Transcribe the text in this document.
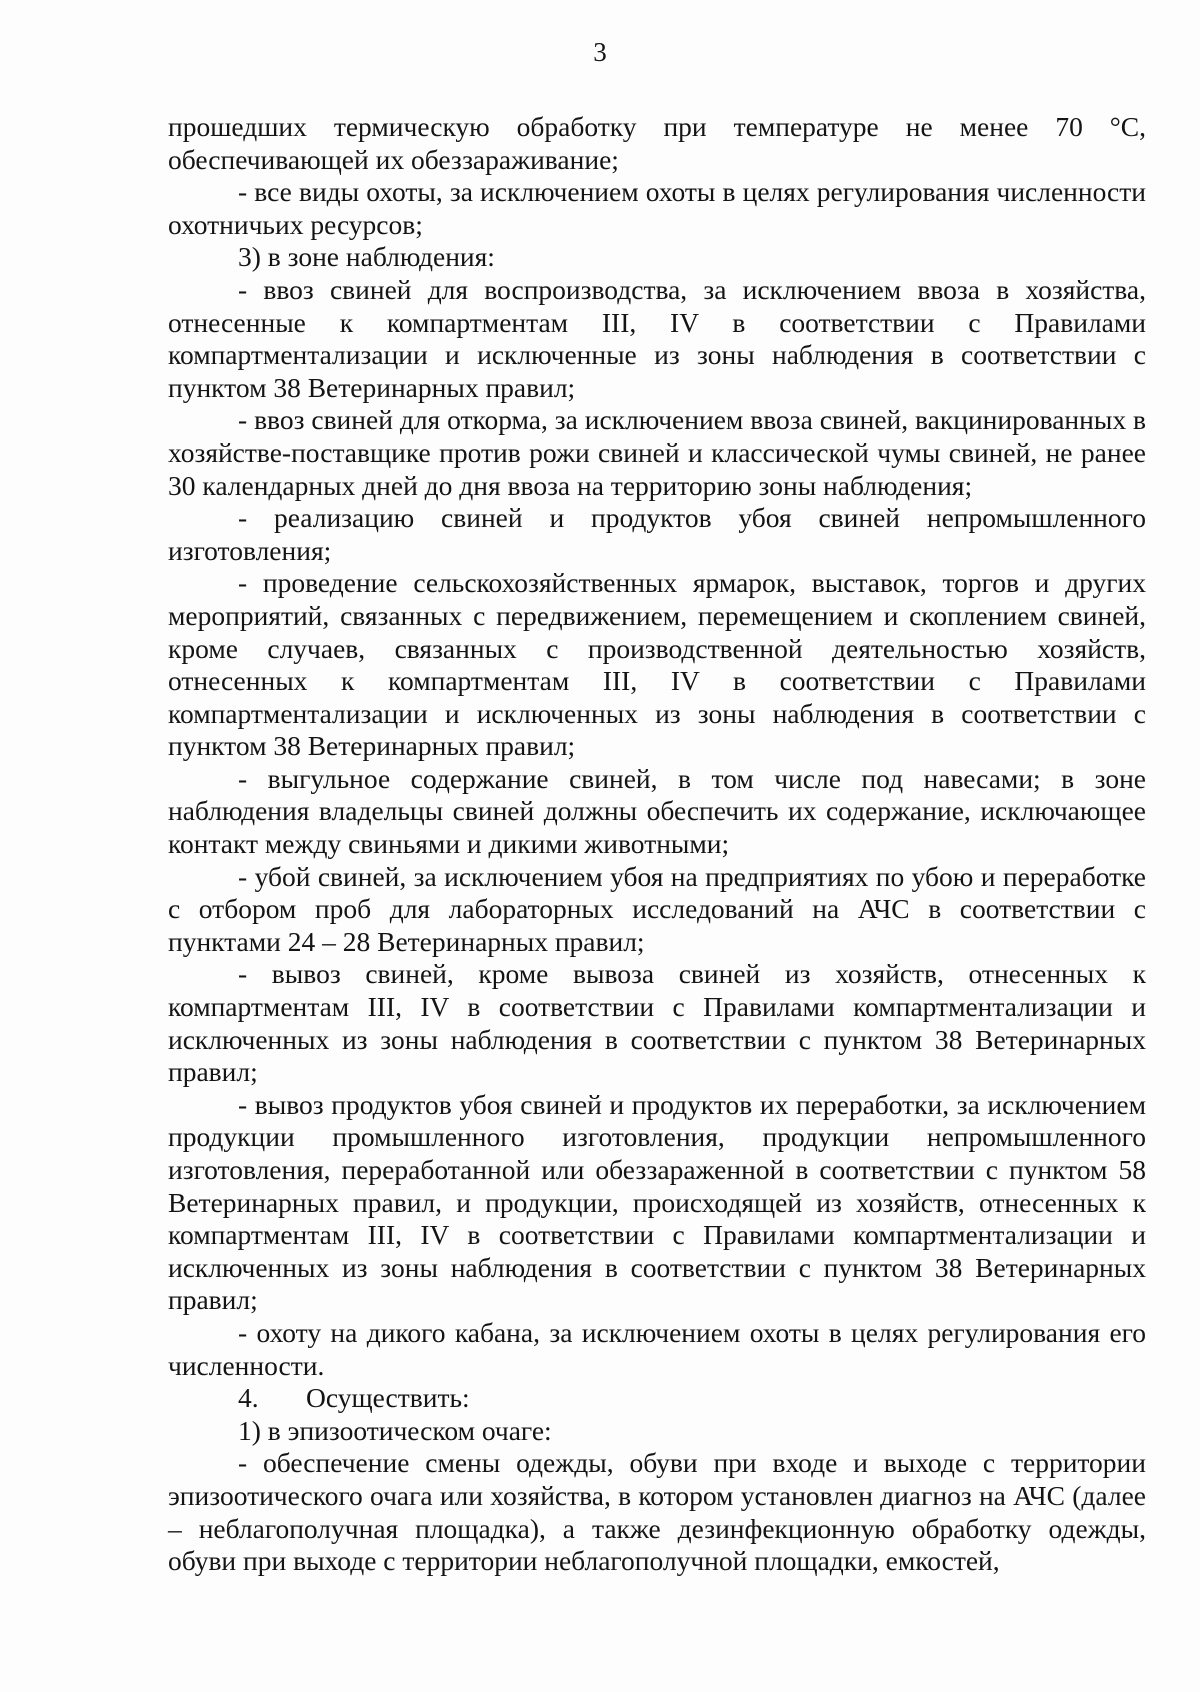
3

прошедших термическую обработку при температуре не менее 70 °С, обеспечивающей их обеззараживание;

- все виды охоты, за исключением охоты в целях регулирования численности охотничьих ресурсов;

3) в зоне наблюдения:

- ввоз свиней для воспроизводства, за исключением ввоза в хозяйства, отнесенные к компартментам III, IV в соответствии с Правилами компартментализации и исключенные из зоны наблюдения в соответствии с пунктом 38 Ветеринарных правил;

- ввоз свиней для откорма, за исключением ввоза свиней, вакцинированных в хозяйстве-поставщике против рожи свиней и классической чумы свиней, не ранее 30 календарных дней до дня ввоза на территорию зоны наблюдения;

- реализацию свиней и продуктов убоя свиней непромышленного изготовления;

- проведение сельскохозяйственных ярмарок, выставок, торгов и других мероприятий, связанных с передвижением, перемещением и скоплением свиней, кроме случаев, связанных с производственной деятельностью хозяйств, отнесенных к компартментам III, IV в соответствии с Правилами компартментализации и исключенных из зоны наблюдения в соответствии с пунктом 38 Ветеринарных правил;

- выгульное содержание свиней, в том числе под навесами; в зоне наблюдения владельцы свиней должны обеспечить их содержание, исключающее контакт между свиньями и дикими животными;

- убой свиней, за исключением убоя на предприятиях по убою и переработке с отбором проб для лабораторных исследований на АЧС в соответствии с пунктами 24 – 28 Ветеринарных правил;

- вывоз свиней, кроме вывоза свиней из хозяйств, отнесенных к компартментам III, IV в соответствии с Правилами компартментализации и исключенных из зоны наблюдения в соответствии с пунктом 38 Ветеринарных правил;

- вывоз продуктов убоя свиней и продуктов их переработки, за исключением продукции промышленного изготовления, продукции непромышленного изготовления, переработанной или обеззараженной в соответствии с пунктом 58 Ветеринарных правил, и продукции, происходящей из хозяйств, отнесенных к компартментам III, IV в соответствии с Правилами компартментализации и исключенных из зоны наблюдения в соответствии с пунктом 38 Ветеринарных правил;

- охоту на дикого кабана, за исключением охоты в целях регулирования его численности.

4. Осуществить:

1) в эпизоотическом очаге:

- обеспечение смены одежды, обуви при входе и выходе с территории эпизоотического очага или хозяйства, в котором установлен диагноз на АЧС (далее – неблагополучная площадка), а также дезинфекционную обработку одежды, обуви при выходе с территории неблагополучной площадки, емкостей,
